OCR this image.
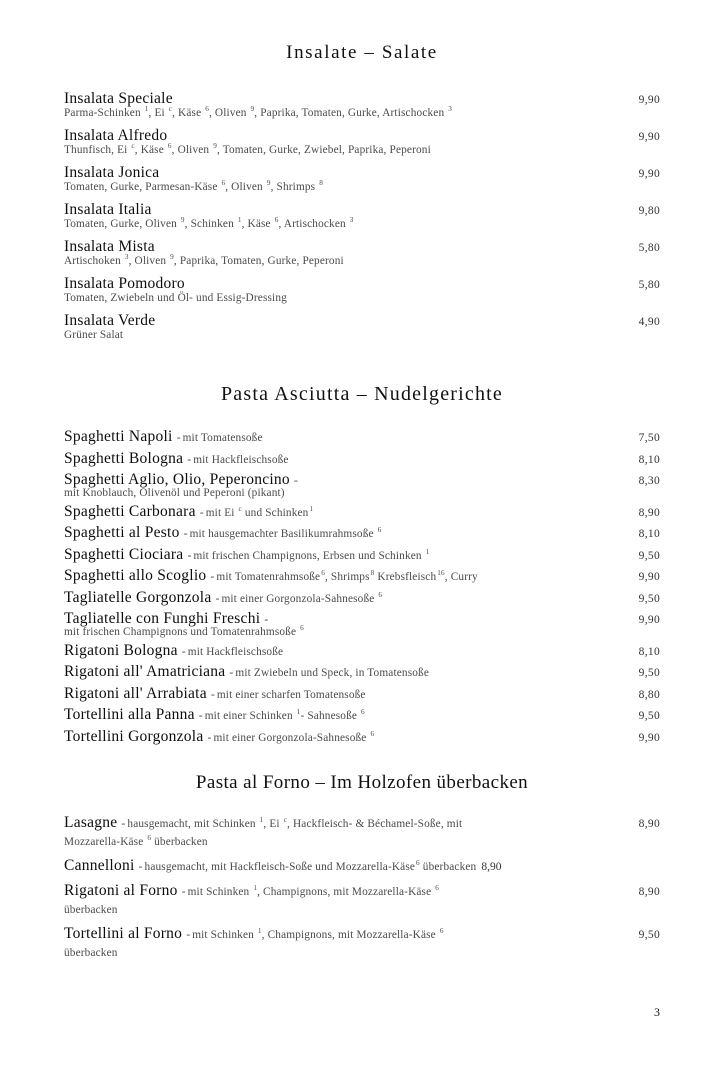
Insalate – Salate
Insalata Speciale
Parma-Schinken $^1$, Ei $^c$, Käse $^6$, Oliven $^9$, Paprika, Tomaten, Gurke, Artischocken $^3$
9,90
Insalata Alfredo
Thunfisch, Ei $^c$, Käse $^6$, Oliven $^9$, Tomaten, Gurke, Zwiebel, Paprika, Peperoni
9,90
Insalata Jonica
Tomaten, Gurke, Parmesan-Käse $^6$, Oliven $^9$, Shrimps $^8$
9,90
Insalata Italia
Tomaten, Gurke, Oliven $^9$, Schinken $^1$, Käse $^6$, Artischocken $^3$
9,80
Insalata Mista
Artischoken $^3$, Oliven $^9$, Paprika, Tomaten, Gurke, Peperoni
5,80
Insalata Pomodoro
Tomaten, Zwiebeln und Öl- und Essig-Dressing
5,80
Insalata Verde
Grüner Salat
4,90
Pasta Asciutta – Nudelgerichte
Spaghetti Napoli - mit Tomatensoße	7,50
Spaghetti Bologna - mit Hackfleischsoße	8,10
Spaghetti Aglio, Olio, Peperoncino -	8,30
mit Knoblauch, Olivenöl und Peperoni (pikant)
Spaghetti Carbonara - mit Ei $^c$ und Schinken$^1$	8,90
Spaghetti al Pesto - mit hausgemachter Basilikumrahmsoße $^6$	8,10
Spaghetti Ciociara - mit frischen Champignons, Erbsen und Schinken $^1$	9,50
Spaghetti allo Scoglio - mit Tomatenrahmsoße$^6$, Shrimps$^8$ Krebsfleisch$^{16}$, Curry	9,90
Tagliatelle Gorgonzola - mit einer Gorgonzola-Sahnesoße $^6$	9,50
Tagliatelle con Funghi Freschi -	9,90
mit frischen Champignons und Tomatenrahmsoße $^6$
Rigatoni Bologna - mit Hackfleischsoße	8,10
Rigatoni all' Amatriciana - mit Zwiebeln und Speck, in Tomatensoße	9,50
Rigatoni all' Arrabiata - mit einer scharfen Tomatensoße	8,80
Tortellini alla Panna - mit einer Schinken $^1$- Sahnesoße $^6$	9,50
Tortellini Gorgonzola - mit einer Gorgonzola-Sahnesoße $^6$	9,90
Pasta al Forno – Im Holzofen überbacken
Lasagne - hausgemacht, mit Schinken $^1$, Ei $^c$, Hackfleisch- & Béchamel-Soße, mit	8,90
Mozzarella-Käse $^6$ überbacken
Cannelloni - hausgemacht, mit Hackfleisch-Soße und Mozzarella-Käse$^6$ überbacken 8,90
Rigatoni al Forno - mit Schinken $^1$, Champignons, mit Mozzarella-Käse $^6$	8,90
überbacken
Tortellini al Forno - mit Schinken $^1$, Champignons, mit Mozzarella-Käse $^6$	9,50
überbacken
3
